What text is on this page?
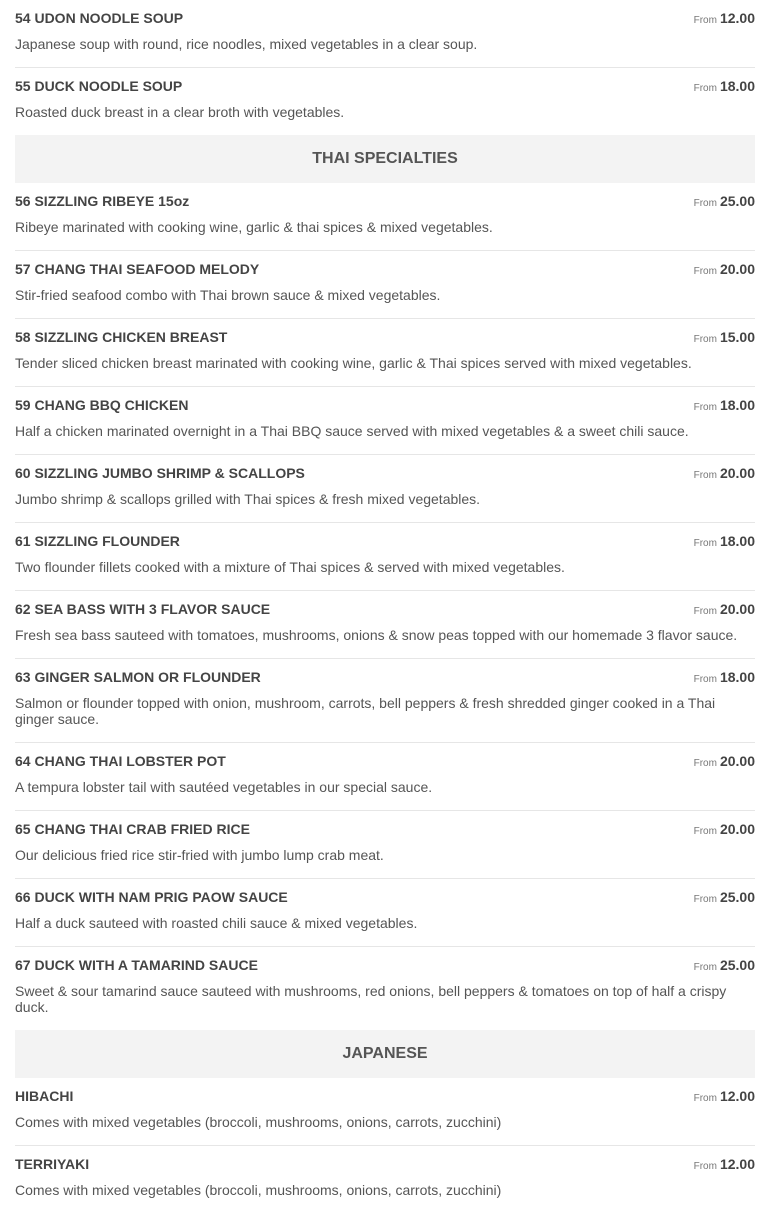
54 UDON NOODLE SOUP	From 12.00
Japanese soup with round, rice noodles, mixed vegetables in a clear soup.
55 DUCK NOODLE SOUP	From 18.00
Roasted duck breast in a clear broth with vegetables.
THAI SPECIALTIES
56 SIZZLING RIBEYE 15oz	From 25.00
Ribeye marinated with cooking wine, garlic & thai spices & mixed vegetables.
57 CHANG THAI SEAFOOD MELODY	From 20.00
Stir-fried seafood combo with Thai brown sauce & mixed vegetables.
58 SIZZLING CHICKEN BREAST	From 15.00
Tender sliced chicken breast marinated with cooking wine, garlic & Thai spices served with mixed vegetables.
59 CHANG BBQ CHICKEN	From 18.00
Half a chicken marinated overnight in a Thai BBQ sauce served with mixed vegetables & a sweet chili sauce.
60 SIZZLING JUMBO SHRIMP & SCALLOPS	From 20.00
Jumbo shrimp & scallops grilled with Thai spices & fresh mixed vegetables.
61 SIZZLING FLOUNDER	From 18.00
Two flounder fillets cooked with a mixture of Thai spices & served with mixed vegetables.
62 SEA BASS WITH 3 FLAVOR SAUCE	From 20.00
Fresh sea bass sauteed with tomatoes, mushrooms, onions & snow peas topped with our homemade 3 flavor sauce.
63 GINGER SALMON OR FLOUNDER	From 18.00
Salmon or flounder topped with onion, mushroom, carrots, bell peppers & fresh shredded ginger cooked in a Thai ginger sauce.
64 CHANG THAI LOBSTER POT	From 20.00
A tempura lobster tail with sautéed vegetables in our special sauce.
65 CHANG THAI CRAB FRIED RICE	From 20.00
Our delicious fried rice stir-fried with jumbo lump crab meat.
66 DUCK WITH NAM PRIG PAOW SAUCE	From 25.00
Half a duck sauteed with roasted chili sauce & mixed vegetables.
67 DUCK WITH A TAMARIND SAUCE	From 25.00
Sweet & sour tamarind sauce sauteed with mushrooms, red onions, bell peppers & tomatoes on top of half a crispy duck.
JAPANESE
HIBACHI	From 12.00
Comes with mixed vegetables (broccoli, mushrooms, onions, carrots, zucchini)
TERRIYAKI	From 12.00
Comes with mixed vegetables (broccoli, mushrooms, onions, carrots, zucchini)
